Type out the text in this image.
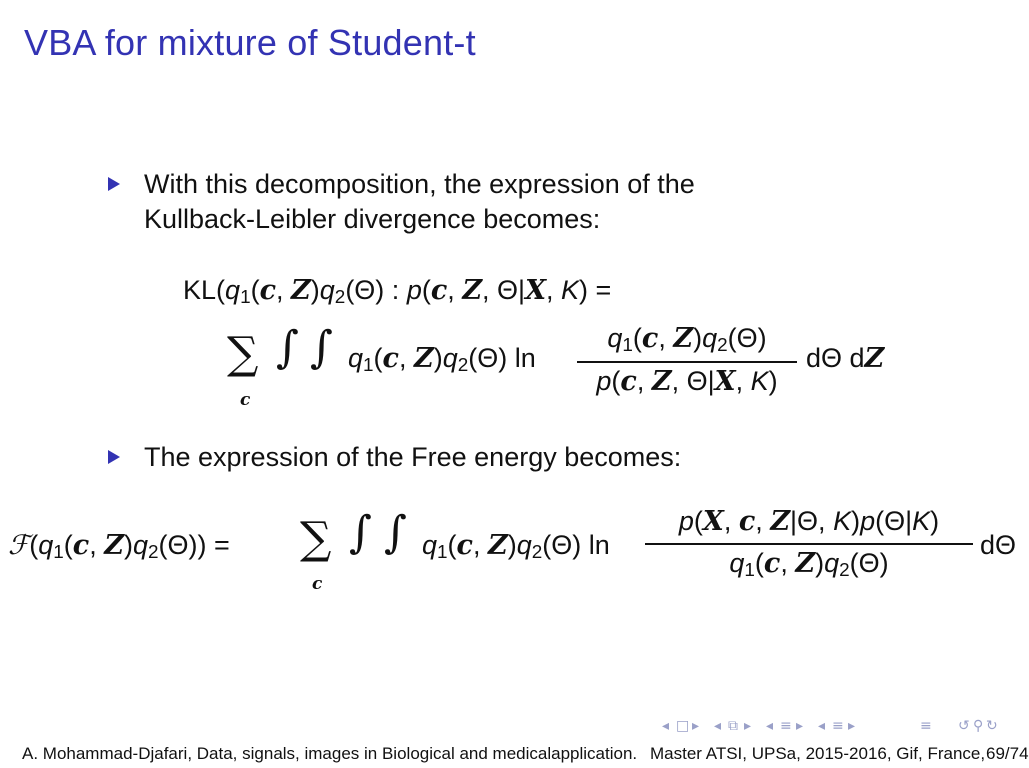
VBA for mixture of Student-t
With this decomposition, the expression of the
Kullback-Leibler divergence becomes:
$KL(q_1(c$, $Z)q_2(\Theta)$ : p(c, Z, Θ|X, K) =
∑
c
∫ ∫ $q_1(c$, $Z)q_2(\Theta)$ ln
$q_1(c$, $Z)q_2(\Theta)$
p(c, Z, Θ|X, K)
dΘ dZ
The expression of the Free energy becomes:
$ℱ(q_1(c$, $Z)q_2(\Theta)$) = ∑
c
∫ ∫ $q_1(c$, $Z)q_2(\Theta)$ ln
p(X, c, Z|Θ, K)p(Θ|K)
$q_1(c$, $Z)q_2(\Theta)$
dΘ
◂ □ ▸ ◂ ⧉ ▸ ◂ ≡ ▸ ◂ ≡ ▸	≡ ↺ ⚲ ↻
A. Mohammad-Djafari, Data, signals, images in Biological and medicalapplication. Master ATSI, UPSa, 2015-2016, Gif, France, 69/74
